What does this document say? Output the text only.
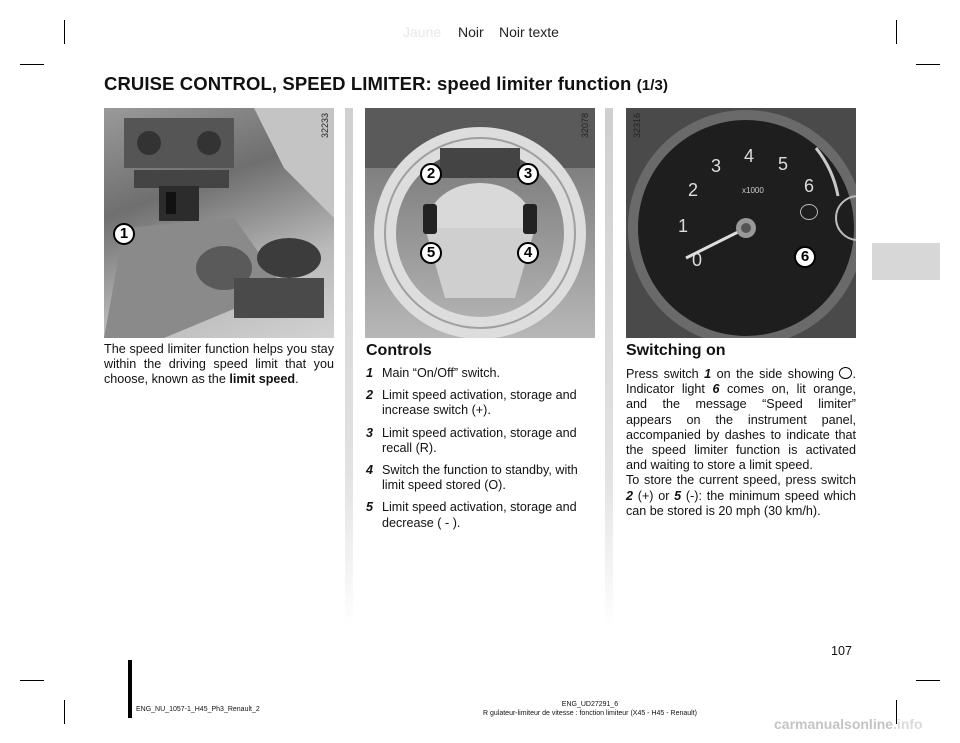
Jaune Noir Noir texte
CRUISE CONTROL, SPEED LIMITER: speed limiter function (1/3)
1
32233
2	3
5	4
32078
0
1
2
3 4 5
6
x1000
6
32316
The speed limiter function helps you stay within the driving speed limit that you choose, known as the limit speed.
Controls
1 Main “On/Off” switch.
2 Limit speed activation, storage and increase switch (+).
3 Limit speed activation, storage and recall (R).
4 Switch the function to standby, with limit speed stored (O).
5 Limit speed activation, storage and decrease ( - ).
Switching on
Press switch 1 on the side showing . Indicator light 6 comes on, lit orange, and the message “Speed limiter” appears on the instrument panel, accompanied by dashes to indicate that the speed limiter function is activated and waiting to store a limit speed.
To store the current speed, press switch 2 (+) or 5 (-): the minimum speed which can be stored is 20 mph (30 km/h).
107
ENG_NU_1057-1_H45_Ph3_Renault_2
ENG_UD27291_6
R gulateur-limiteur de vitesse : fonction limiteur (X45 - H45 - Renault)
carmanualsonline.info
